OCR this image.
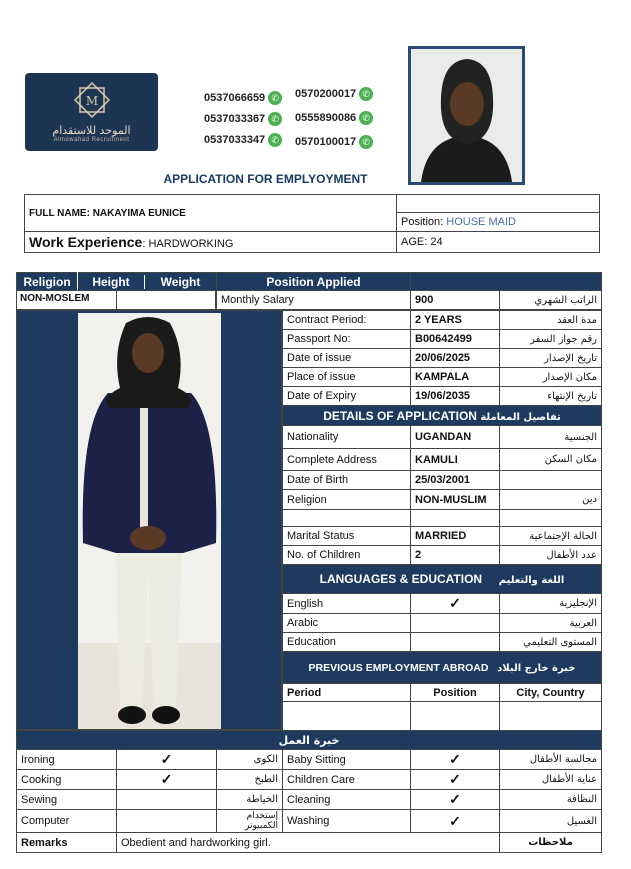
M
الموحد للاستقدام
Almowahad Recruitment
0537066659 ✆
0537033367 ✆
0537033347 ✆
0570200017 ✆
0555890086 ✆
0570100017 ✆
APPLICATION FOR EMPLYOYMENT
FULL NAME: NAKAYIMA EUNICE	
	Position: HOUSE MAID
Work Experience: HARDWORKING	AGE: 24
Religion	Height Weight	Position Applied		

NON-MOSLEM		Monthly Salary	900	الراتب الشهري
Contract Period:	2 YEARS	مدة العقد
Passport No:	B00642499	رقم جواز السفر
Date of issue	20/06/2025	تاريخ الإصدار
Place of issue	KAMPALA	مكان الإصدار
Date of Expiry	19/06/2035	تاريخ الإنتهاء
DETAILS OF APPLICATION تفاصيل المعاملة		
Nationality	UGANDAN	الجنسية
Complete Address	KAMULI	مكان السكن
Date of Birth	25/03/2001	
Religion	NON-MUSLIM	دين

Marital Status	MARRIED	الحالة الإجتماعية
No. of Children	2	عدد الأطفال
LANGUAGES & EDUCATION اللغة والتعليم		
English	✓	الإنجليزية
Arabic		العربية
Education		المستوى التعليمي
PREVIOUS EMPLOYMENT ABROAD خبرة خارج البلاد		
Period	Position	City, Country

خبرة العمل					
Ironing	✓	الكوى	Baby Sitting	✓	مجالسة الأطفال
Cooking	✓	الطبخ	Children Care	✓	عناية الأطفال
Sewing		الخياطة	Cleaning	✓	النظافة
Computer		إستخدام الكمبيوتر	Washing	✓	الغسيل
Remarks	Obedient and hardworking girl.				ملاحظات
